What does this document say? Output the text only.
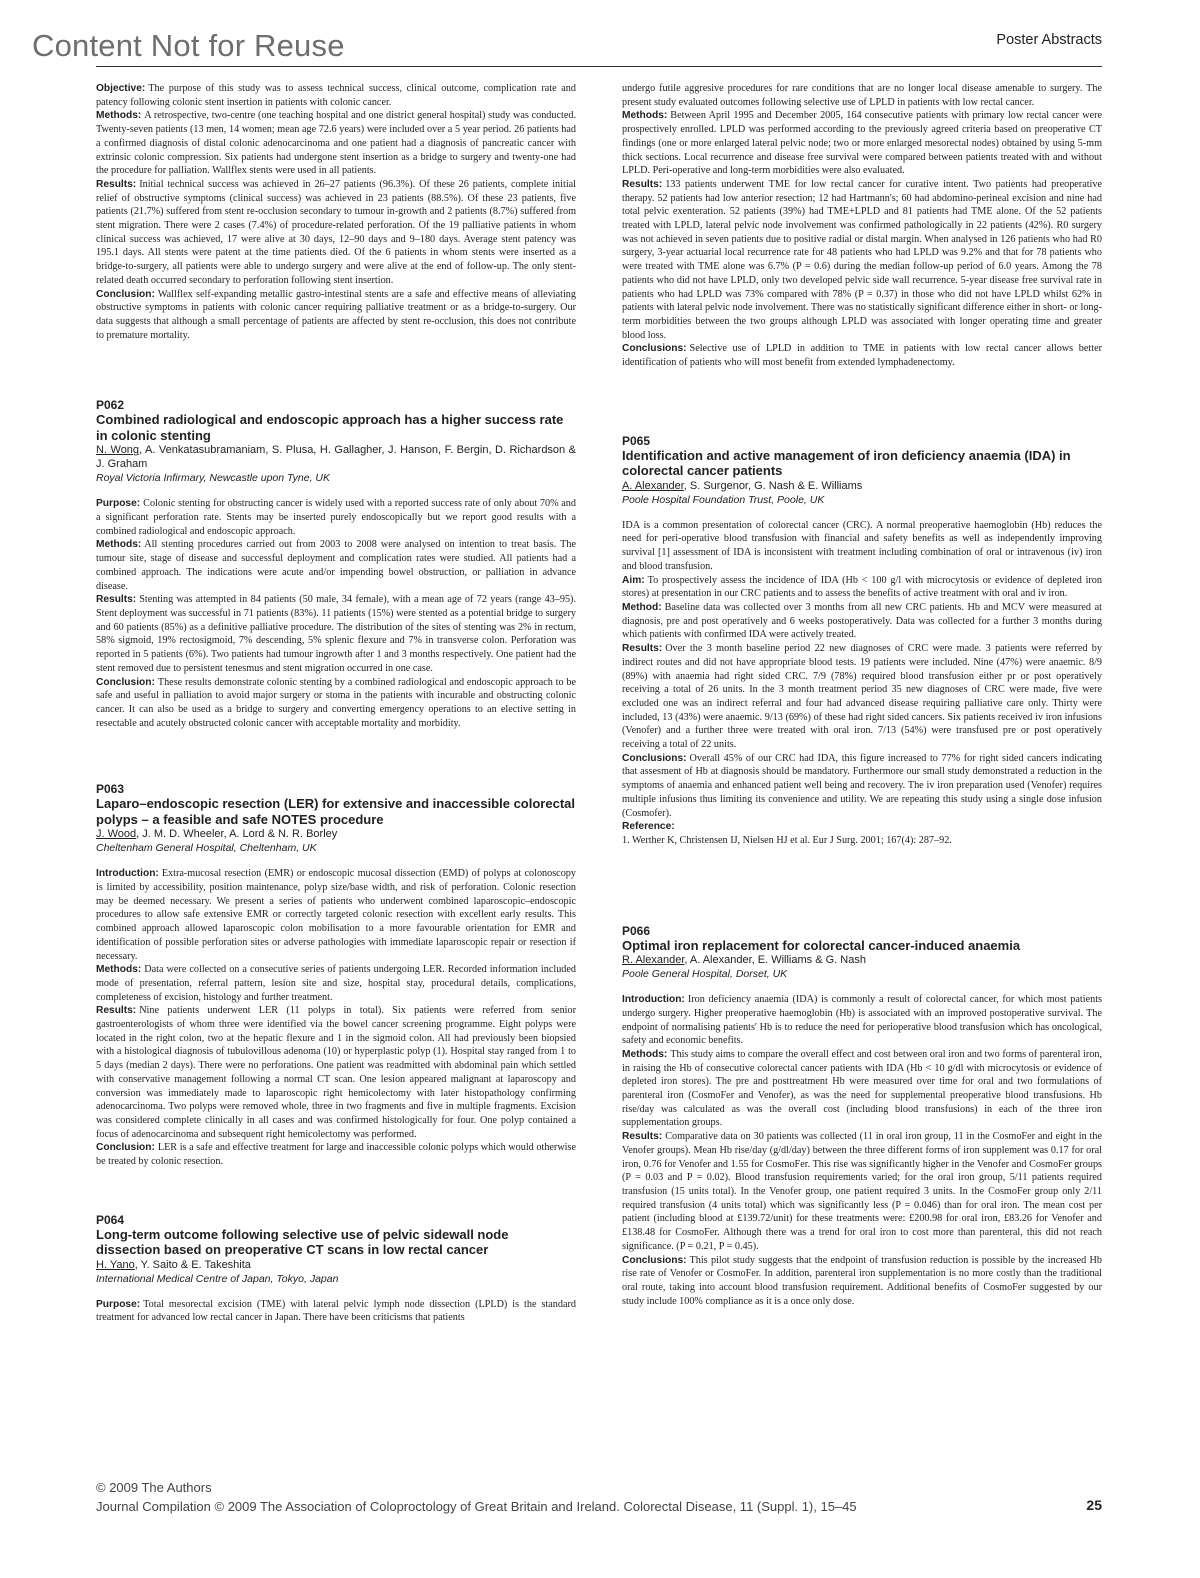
Content Not for Reuse	Poster Abstracts

Objective: The purpose of this study was to assess technical success, clinical outcome, complication rate and patency following colonic stent insertion in patients with colonic cancer.

Methods: A retrospective, two-centre (one teaching hospital and one district general hospital) study was conducted. Twenty-seven patients (13 men, 14 women; mean age 72.6 years) were included over a 5 year period. 26 patients had a confirmed diagnosis of distal colonic adenocarcinoma and one patient had a diagnosis of pancreatic cancer with extrinsic colonic compression. Six patients had undergone stent insertion as a bridge to surgery and twenty-one had the procedure for palliation. Wallflex stents were used in all patients.

Results: Initial technical success was achieved in 26–27 patients (96.3%). Of these 26 patients, complete initial relief of obstructive symptoms (clinical success) was achieved in 23 patients (88.5%). Of these 23 patients, five patients (21.7%) suffered from stent re-occlusion secondary to tumour in-growth and 2 patients (8.7%) suffered from stent migration. There were 2 cases (7.4%) of procedure-related perforation. Of the 19 palliative patients in whom clinical success was achieved, 17 were alive at 30 days, 12–90 days and 9–180 days. Average stent patency was 195.1 days. All stents were patent at the time patients died. Of the 6 patients in whom stents were inserted as a bridge-to-surgery, all patients were able to undergo surgery and were alive at the end of follow-up. The only stent-related death occurred secondary to perforation following stent insertion.

Conclusion: Wallflex self-expanding metallic gastro-intestinal stents are a safe and effective means of alleviating obstructive symptoms in patients with colonic cancer requiring palliative treatment or as a bridge-to-surgery. Our data suggests that although a small percentage of patients are affected by stent re-occlusion, this does not contribute to premature mortality.

P062

Combined radiological and endoscopic approach has a higher success rate in colonic stenting

N. Wong, A. Venkatasubramaniam, S. Plusa, H. Gallagher, J. Hanson, F. Bergin, D. Richardson & J. Graham

Royal Victoria Infirmary, Newcastle upon Tyne, UK

Purpose: Colonic stenting for obstructing cancer is widely used with a reported success rate of only about 70% and a significant perforation rate. Stents may be inserted purely endoscopically but we report good results with a combined radiological and endoscopic approach.

Methods: All stenting procedures carried out from 2003 to 2008 were analysed on intention to treat basis. The tumour site, stage of disease and successful deployment and complication rates were studied. All patients had a combined approach. The indications were acute and/or impending bowel obstruction, or palliation in advance disease.

Results: Stenting was attempted in 84 patients (50 male, 34 female), with a mean age of 72 years (range 43–95). Stent deployment was successful in 71 patients (83%). 11 patients (15%) were stented as a potential bridge to surgery and 60 patients (85%) as a definitive palliative procedure. The distribution of the sites of stenting was 2% in rectum, 58% sigmoid, 19% rectosigmoid, 7% descending, 5% splenic flexure and 7% in transverse colon. Perforation was reported in 5 patients (6%). Two patients had tumour ingrowth after 1 and 3 months respectively. One patient had the stent removed due to persistent tenesmus and stent migration occurred in one case.

Conclusion: These results demonstrate colonic stenting by a combined radiological and endoscopic approach to be safe and useful in palliation to avoid major surgery or stoma in the patients with incurable and obstructing colonic cancer. It can also be used as a bridge to surgery and converting emergency operations to an elective setting in resectable and acutely obstructed colonic cancer with acceptable mortality and morbidity.

P063

Laparo–endoscopic resection (LER) for extensive and inaccessible colorectal polyps – a feasible and safe NOTES procedure

J. Wood, J. M. D. Wheeler, A. Lord & N. R. Borley

Cheltenham General Hospital, Cheltenham, UK

Introduction: Extra-mucosal resection (EMR) or endoscopic mucosal dissection (EMD) of polyps at colonoscopy is limited by accessibility, position maintenance, polyp size/base width, and risk of perforation. Colonic resection may be deemed necessary. We present a series of patients who underwent combined laparoscopic–endoscopic procedures to allow safe extensive EMR or correctly targeted colonic resection with excellent early results. This combined approach allowed laparoscopic colon mobilisation to a more favourable orientation for EMR and identification of possible perforation sites or adverse pathologies with immediate laparoscopic repair or resection if necessary.

Methods: Data were collected on a consecutive series of patients undergoing LER. Recorded information included mode of presentation, referral pattern, lesion site and size, hospital stay, procedural details, complications, completeness of excision, histology and further treatment.

Results: Nine patients underwent LER (11 polyps in total). Six patients were referred from senior gastroenterologists of whom three were identified via the bowel cancer screening programme. Eight polyps were located in the right colon, two at the hepatic flexure and 1 in the sigmoid colon. All had previously been biopsied with a histological diagnosis of tubulovillous adenoma (10) or hyperplastic polyp (1). Hospital stay ranged from 1 to 5 days (median 2 days). There were no perforations. One patient was readmitted with abdominal pain which settled with conservative management following a normal CT scan. One lesion appeared malignant at laparoscopy and conversion was immediately made to laparoscopic right hemicolectomy with later histopathology confirming adenocarcinoma. Two polyps were removed whole, three in two fragments and five in multiple fragments. Excision was considered complete clinically in all cases and was confirmed histologically for four. One polyp contained a focus of adenocarcinoma and subsequent right hemicolectomy was performed.

Conclusion: LER is a safe and effective treatment for large and inaccessible colonic polyps which would otherwise be treated by colonic resection.

P064

Long-term outcome following selective use of pelvic sidewall node dissection based on preoperative CT scans in low rectal cancer

H. Yano, Y. Saito & E. Takeshita

International Medical Centre of Japan, Tokyo, Japan

Purpose: Total mesorectal excision (TME) with lateral pelvic lymph node dissection (LPLD) is the standard treatment for advanced low rectal cancer in Japan. There have been criticisms that patients

undergo futile aggresive procedures for rare conditions that are no longer local disease amenable to surgery. The present study evaluated outcomes following selective use of LPLD in patients with low rectal cancer.

Methods: Between April 1995 and December 2005, 164 consecutive patients with primary low rectal cancer were prospectively enrolled. LPLD was performed according to the previously agreed criteria based on preoperative CT findings (one or more enlarged lateral pelvic node; two or more enlarged mesorectal nodes) obtained by using 5-mm thick sections. Local recurrence and disease free survival were compared between patients treated with and without LPLD. Peri-operative and long-term morbidities were also evaluated.

Results: 133 patients underwent TME for low rectal cancer for curative intent. Two patients had preoperative therapy. 52 patients had low anterior resection; 12 had Hartmann's; 60 had abdomino-perineal excision and nine had total pelvic exenteration. 52 patients (39%) had TME+LPLD and 81 patients had TME alone. Of the 52 patients treated with LPLD, lateral pelvic node involvement was confirmed pathologically in 22 patients (42%). R0 surgery was not achieved in seven patients due to positive radial or distal margin. When analysed in 126 patients who had R0 surgery, 3-year actuarial local recurrence rate for 48 patients who had LPLD was 9.2% and that for 78 patients who were treated with TME alone was 6.7% (P = 0.6) during the median follow-up period of 6.0 years. Among the 78 patients who did not have LPLD, only two developed pelvic side wall recurrence. 5-year disease free survival rate in patients who had LPLD was 73% compared with 78% (P = 0.37) in those who did not have LPLD whilst 62% in patients with lateral pelvic node involvement. There was no statistically significant difference either in short- or long-term morbidities between the two groups although LPLD was associated with longer operating time and greater blood loss.

Conclusions: Selective use of LPLD in addition to TME in patients with low rectal cancer allows better identification of patients who will most benefit from extended lymphadenectomy.

P065

Identification and active management of iron deficiency anaemia (IDA) in colorectal cancer patients

A. Alexander, S. Surgenor, G. Nash & E. Williams

Poole Hospital Foundation Trust, Poole, UK

IDA is a common presentation of colorectal cancer (CRC). A normal preoperative haemoglobin (Hb) reduces the need for peri-operative blood transfusion with financial and safety benefits as well as independently improving survival [1] assessment of IDA is inconsistent with treatment including combination of oral or intravenous (iv) iron and blood transfusion.

Aim: To prospectively assess the incidence of IDA (Hb < 100 g/l with microcytosis or evidence of depleted iron stores) at presentation in our CRC patients and to assess the benefits of active treatment with oral and iv iron.

Method: Baseline data was collected over 3 months from all new CRC patients. Hb and MCV were measured at diagnosis, pre and post operatively and 6 weeks postoperatively. Data was collected for a further 3 months during which patients with confirmed IDA were actively treated.

Results: Over the 3 month baseline period 22 new diagnoses of CRC were made. 3 patients were referred by indirect routes and did not have appropriate blood tests. 19 patients were included. Nine (47%) were anaemic. 8/9 (89%) with anaemia had right sided CRC. 7/9 (78%) required blood transfusion either pr or post operatively receiving a total of 26 units. In the 3 month treatment period 35 new diagnoses of CRC were made, five were excluded one was an indirect referral and four had advanced disease requiring palliative care only. Thirty were included, 13 (43%) were anaemic. 9/13 (69%) of these had right sided cancers. Six patients received iv iron infusions (Venofer) and a further three were treated with oral iron. 7/13 (54%) were transfused pre or post operatively receiving a total of 22 units.

Conclusions: Overall 45% of our CRC had IDA, this figure increased to 77% for right sided cancers indicating that assesment of Hb at diagnosis should be mandatory. Furthermore our small study demonstrated a reduction in the symptoms of anaemia and enhanced patient well being and recovery. The iv iron preparation used (Venofer) requires multiple infusions thus limiting its convenience and utility. We are repeating this study using a single dose infusion (Cosmofer).

Reference:

1. Werther K, Christensen IJ, Nielsen HJ et al. Eur J Surg. 2001; 167(4): 287–92.

P066

Optimal iron replacement for colorectal cancer-induced anaemia

R. Alexander, A. Alexander, E. Williams & G. Nash

Poole General Hospital, Dorset, UK

Introduction: Iron deficiency anaemia (IDA) is commonly a result of colorectal cancer, for which most patients undergo surgery. Higher preoperative haemoglobin (Hb) is associated with an improved postoperative survival. The endpoint of normalising patients' Hb is to reduce the need for perioperative blood transfusion which has oncological, safety and economic benefits.

Methods: This study aims to compare the overall effect and cost between oral iron and two forms of parenteral iron, in raising the Hb of consecutive colorectal cancer patients with IDA (Hb < 10 g/dl with microcytosis or evidence of depleted iron stores). The pre and posttreatment Hb were measured over time for oral and two formulations of parenteral iron (CosmoFer and Venofer), as was the need for supplemental preoperative blood transfusions. Hb rise/day was calculated as was the overall cost (including blood transfusions) in each of the three iron supplementation groups.

Results: Comparative data on 30 patients was collected (11 in oral iron group, 11 in the CosmoFer and eight in the Venofer groups). Mean Hb rise/day (g/dl/day) between the three different forms of iron supplement was 0.17 for oral iron, 0.76 for Venofer and 1.55 for CosmoFer. This rise was significantly higher in the Venofer and CosmoFer groups (P = 0.03 and P = 0.02). Blood transfusion requirements varied; for the oral iron group, 5/11 patients required transfusion (15 units total). In the Venofer group, one patient required 3 units. In the CosmoFer group only 2/11 required transfusion (4 units total) which was significantly less (P = 0.046) than for oral iron. The mean cost per patient (including blood at £139.72/unit) for these treatments were: £200.98 for oral iron, £83.26 for Venofer and £138.48 for CosmoFer. Although there was a trend for oral iron to cost more than parenteral, this did not reach significance. (P = 0.21, P = 0.45).

Conclusions: This pilot study suggests that the endpoint of transfusion reduction is possible by the increased Hb rise rate of Venofer or CosmoFer. In addition, parenteral iron supplementation is no more costly than the traditional oral route, taking into account blood transfusion requirement. Additional benefits of CosmoFer suggested by our study include 100% compliance as it is a once only dose.

© 2009 The Authors
Journal Compilation © 2009 The Association of Coloproctology of Great Britain and Ireland. Colorectal Disease, 11 (Suppl. 1), 15–45	25
